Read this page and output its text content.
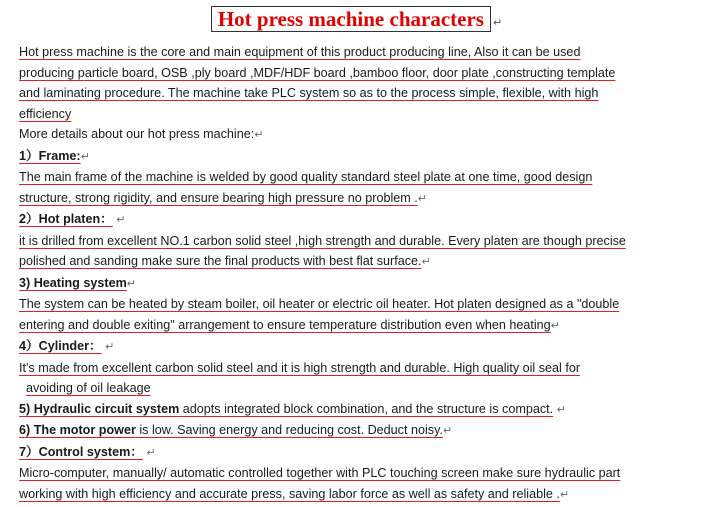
Hot press machine characters ↵
Hot press machine is the core and main equipment of this product producing line, Also it can be used
producing particle board, OSB ,ply board ,MDF/HDF board ,bamboo floor, door plate ,constructing template
and laminating procedure. The machine take PLC system so as to the process simple, flexible, with high
efficiency
More details about our hot press machine:↵
1）Frame:↵
The main frame of the machine is welded by good quality standard steel plate at one time, good design
structure, strong rigidity, and ensure bearing high pressure no problem .↵
2）Hot platen： ↵
it is drilled from excellent NO.1 carbon solid steel ,high strength and durable. Every platen are though precise
polished and sanding make sure the final products with best flat surface.↵
3) Heating system↵
The system can be heated by steam boiler, oil heater or electric oil heater. Hot platen designed as a "double
entering and double exiting" arrangement to ensure temperature distribution even when heating↵
4）Cylinder： ↵
It's made from excellent carbon solid steel and it is high strength and durable. High quality oil seal for
avoiding of oil leakage
5) Hydraulic circuit system adopts integrated block combination, and the structure is compact. ↵
6) The motor power is low. Saving energy and reducing cost. Deduct noisy.↵
7）Control system： ↵
Micro-computer, manually/ automatic controlled together with PLC touching screen make sure hydraulic part
working with high efficiency and accurate press, saving labor force as well as safety and reliable .↵
